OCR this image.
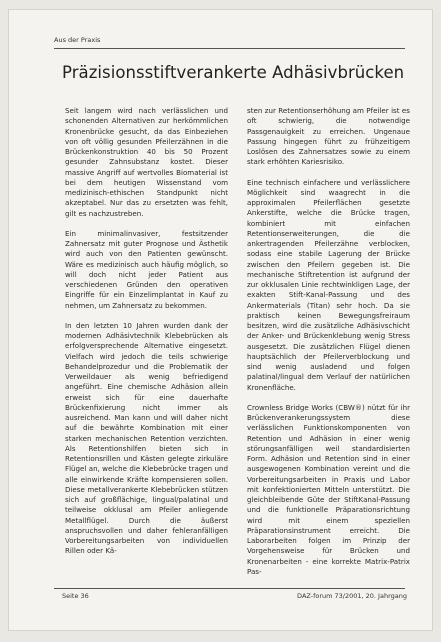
Aus der Praxis
Präzisionsstiftverankerte Adhäsivbrücken

Seit langem wird nach verlässlichen und schonenden Alternativen zur herkömmlichen Kronenbrücke gesucht, da das Einbeziehen von oft völlig gesunden Pfeilerzähnen in die Brückenkonstruktion 40 bis 50 Prozent gesunder Zahnsubstanz kostet. Dieser massive Angriff auf wertvolles Biomaterial ist bei dem heutigen Wissenstand vom medizinisch-ethischen Standpunkt nicht akzeptabel. Nur das zu ersetzten was fehlt, gilt es nachzustreben.

Ein minimalinvasiver, festsitzender Zahnersatz mit guter Prognose und Ästhetik wird auch von den Patienten gewünscht. Wäre es medizinisch auch häufig möglich, so will doch nicht jeder Patient aus verschiedenen Gründen den operativen Eingriffe für ein Einzelimplantat in Kauf zu nehmen, um Zahnersatz zu bekommen.

In den letzten 10 Jahren wurden dank der modernen Adhäsivtechnik Klebebrücken als erfolgversprechende Alternative eingesetzt. Vielfach wird jedoch die teils schwierige Behandelprozedur und die Problematik der Verweildauer als wenig befriedigend angeführt. Eine chemische Adhäsion allein erweist sich für eine dauerhafte Brückenfixierung nicht immer als ausreichend. Man kann und will daher nicht auf die bewährte Kombination mit einer starken mechanischen Retention verzichten. Als Retentionshilfen bieten sich in Retentionsrillen und Kästen gelegte zirkuläre Flügel an, welche die Klebebrücke tragen und alle einwirkende Kräfte kompensieren sollen. Diese metallverankerte Klebebrücken stützen sich auf großflächige, lingual/palatinal und teilweise okklusal am Pfeiler anliegende Metallflügel. Durch die äußerst anspruchsvollen und daher fehleranfälligen Vorbereitungsarbeiten von individuellen Rillen oder Kä-

sten zur Retentionserhöhung am Pfeiler ist es oft schwierig, die notwendige Passgenauigkeit zu erreichen. Ungenaue Passung hingegen führt zu frühzeitigem Loslösen des Zahnersatzes sowie zu einem stark erhöhten Kariesrisiko.

Eine technisch einfachere und verlässlichere Möglichkeit sind waagrecht in die approximalen Pfeilerflächen gesetzte Ankerstifte, welche die Brücke tragen, kombiniert mit einfachen Retentionserweiterungen, die die ankertragenden Pfeilerzähne verblocken, sodass eine stabile Lagerung der Brücke zwischen den Pfeilern gegeben ist. Die mechanische Stiftretention ist aufgrund der zur okklusalen Linie rechtwinkligen Lage, der exakten Stift-Kanal-Passung und des Ankermaterials (Titan) sehr hoch. Da sie praktisch keinen Bewegungsfreiraum besitzen, wird die zusätzliche Adhäsivschicht der Anker- und Brückenklebung wenig Stress ausgesetzt. Die zusätzlichen Flügel dienen hauptsächlich der Pfeilerverblockung und sind wenig ausladend und folgen palatinal/lingual dem Verlauf der natürlichen Kronenfläche.

Crownless Bridge Works (CBW®) nützt für ihr Brückenverankerungssystem diese verlässlichen Funktionskomponenten von Retention und Adhäsion in einer wenig störungsanfälligen weil standardisierten Form. Adhäsion und Retention sind in einer ausgewogenen Kombination vereint und die Vorbereitungsarbeiten in Praxis und Labor mit konfektionierten Mitteln unterstützt. Die gleichbleibende Güte der StiftKanal-Passung und die funktionelle Präparationsrichtung wird mit einem speziellen Präparationsinstrument erreicht. Die Laborarbeiten folgen im Prinzip der Vorgehensweise für Brücken und Kronenarbeiten - eine korrekte Matrix-Patrix Pas-

Seite 36	DAZ-forum 73/2001, 20. Jahrgang
